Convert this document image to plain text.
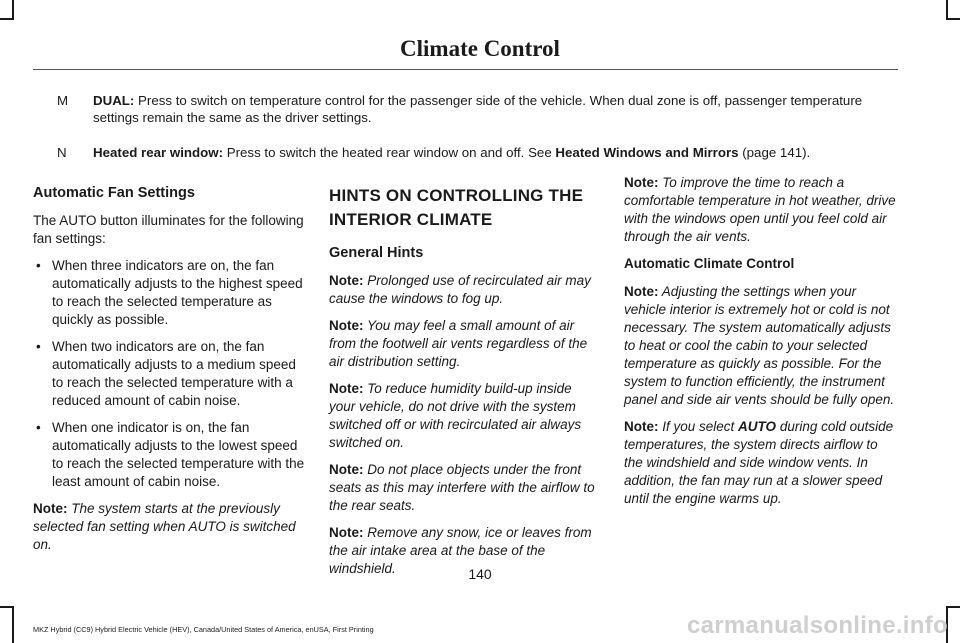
Climate Control
M	DUAL: Press to switch on temperature control for the passenger side of the vehicle. When dual zone is off, passenger temperature settings remain the same as the driver settings.
N	Heated rear window: Press to switch the heated rear window on and off. See Heated Windows and Mirrors (page 141).
Automatic Fan Settings

The AUTO button illuminates for the following fan settings:

• When three indicators are on, the fan automatically adjusts to the highest speed to reach the selected temperature as quickly as possible.
• When two indicators are on, the fan automatically adjusts to a medium speed to reach the selected temperature with a reduced amount of cabin noise.
• When one indicator is on, the fan automatically adjusts to the lowest speed to reach the selected temperature with the least amount of cabin noise.

Note: The system starts at the previously selected fan setting when AUTO is switched on.

HINTS ON CONTROLLING THE
INTERIOR CLIMATE
General Hints

Note: Prolonged use of recirculated air may cause the windows to fog up.

Note: You may feel a small amount of air from the footwell air vents regardless of the air distribution setting.

Note: To reduce humidity build-up inside your vehicle, do not drive with the system switched off or with recirculated air always switched on.

Note: Do not place objects under the front seats as this may interfere with the airflow to the rear seats.

Note: Remove any snow, ice or leaves from the air intake area at the base of the windshield.

Note: To improve the time to reach a comfortable temperature in hot weather, drive with the windows open until you feel cold air through the air vents.

Automatic Climate Control

Note: Adjusting the settings when your vehicle interior is extremely hot or cold is not necessary. The system automatically adjusts to heat or cool the cabin to your selected temperature as quickly as possible. For the system to function efficiently, the instrument panel and side air vents should be fully open.

Note: If you select AUTO during cold outside temperatures, the system directs airflow to the windshield and side window vents. In addition, the fan may run at a slower speed until the engine warms up.

140
MKZ Hybrid (CC9) Hybrid Electric Vehicle (HEV), Canada/United States of America, enUSA, First Printing	carmanualsonline.info
